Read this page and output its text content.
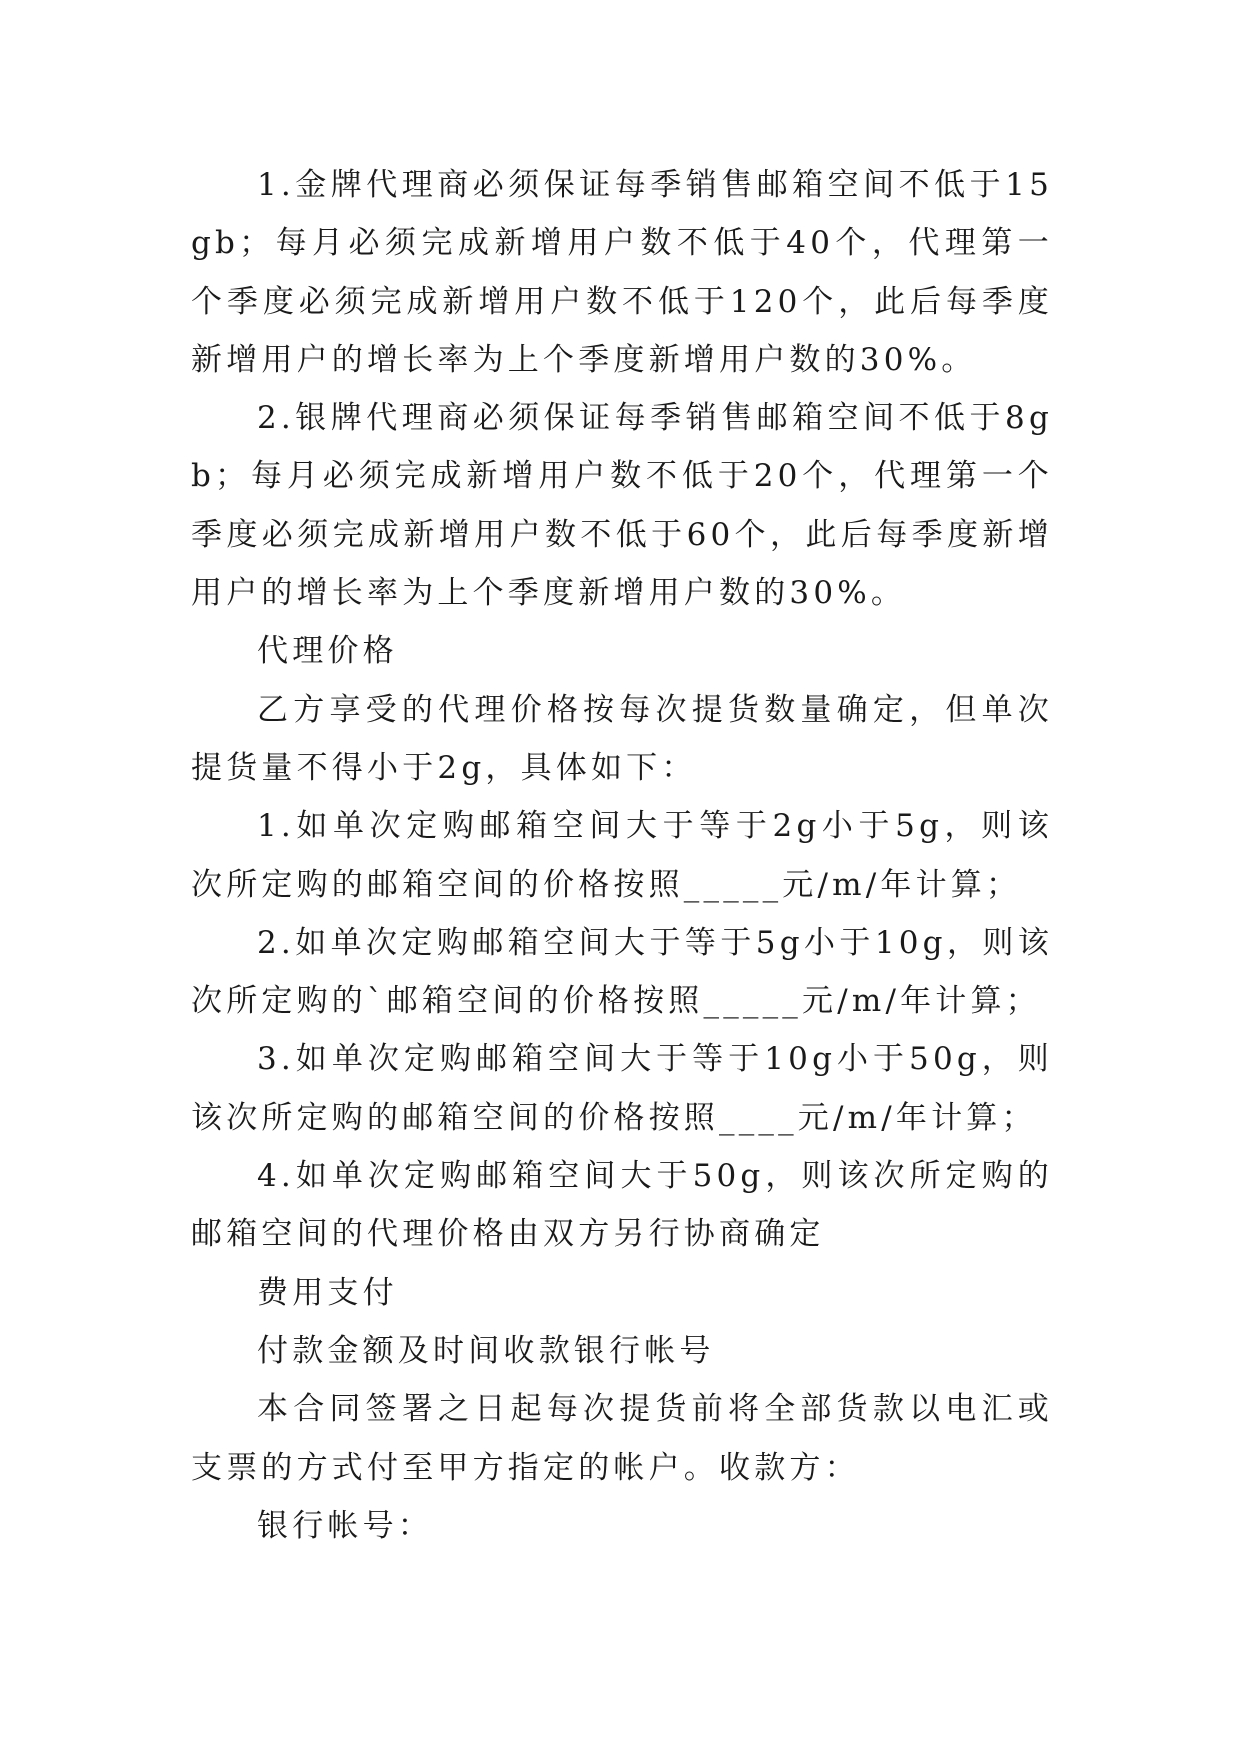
1.金牌代理商必须保证每季销售邮箱空间不低于15gb；每月必须完成新增用户数不低于40个，代理第一个季度必须完成新增用户数不低于120个，此后每季度新增用户的增长率为上个季度新增用户数的30%。

2.银牌代理商必须保证每季销售邮箱空间不低于8gb；每月必须完成新增用户数不低于20个，代理第一个季度必须完成新增用户数不低于60个，此后每季度新增用户的增长率为上个季度新增用户数的30%。

代理价格

乙方享受的代理价格按每次提货数量确定，但单次提货量不得小于2g，具体如下：

1.如单次定购邮箱空间大于等于2g小于5g，则该次所定购的邮箱空间的价格按照_____元/m/年计算；

2.如单次定购邮箱空间大于等于5g小于10g，则该次所定购的`邮箱空间的价格按照_____元/m/年计算；

3.如单次定购邮箱空间大于等于10g小于50g，则该次所定购的邮箱空间的价格按照____元/m/年计算；

4.如单次定购邮箱空间大于50g，则该次所定购的邮箱空间的代理价格由双方另行协商确定

费用支付

付款金额及时间收款银行帐号

本合同签署之日起每次提货前将全部货款以电汇或支票的方式付至甲方指定的帐户。收款方：

银行帐号：
